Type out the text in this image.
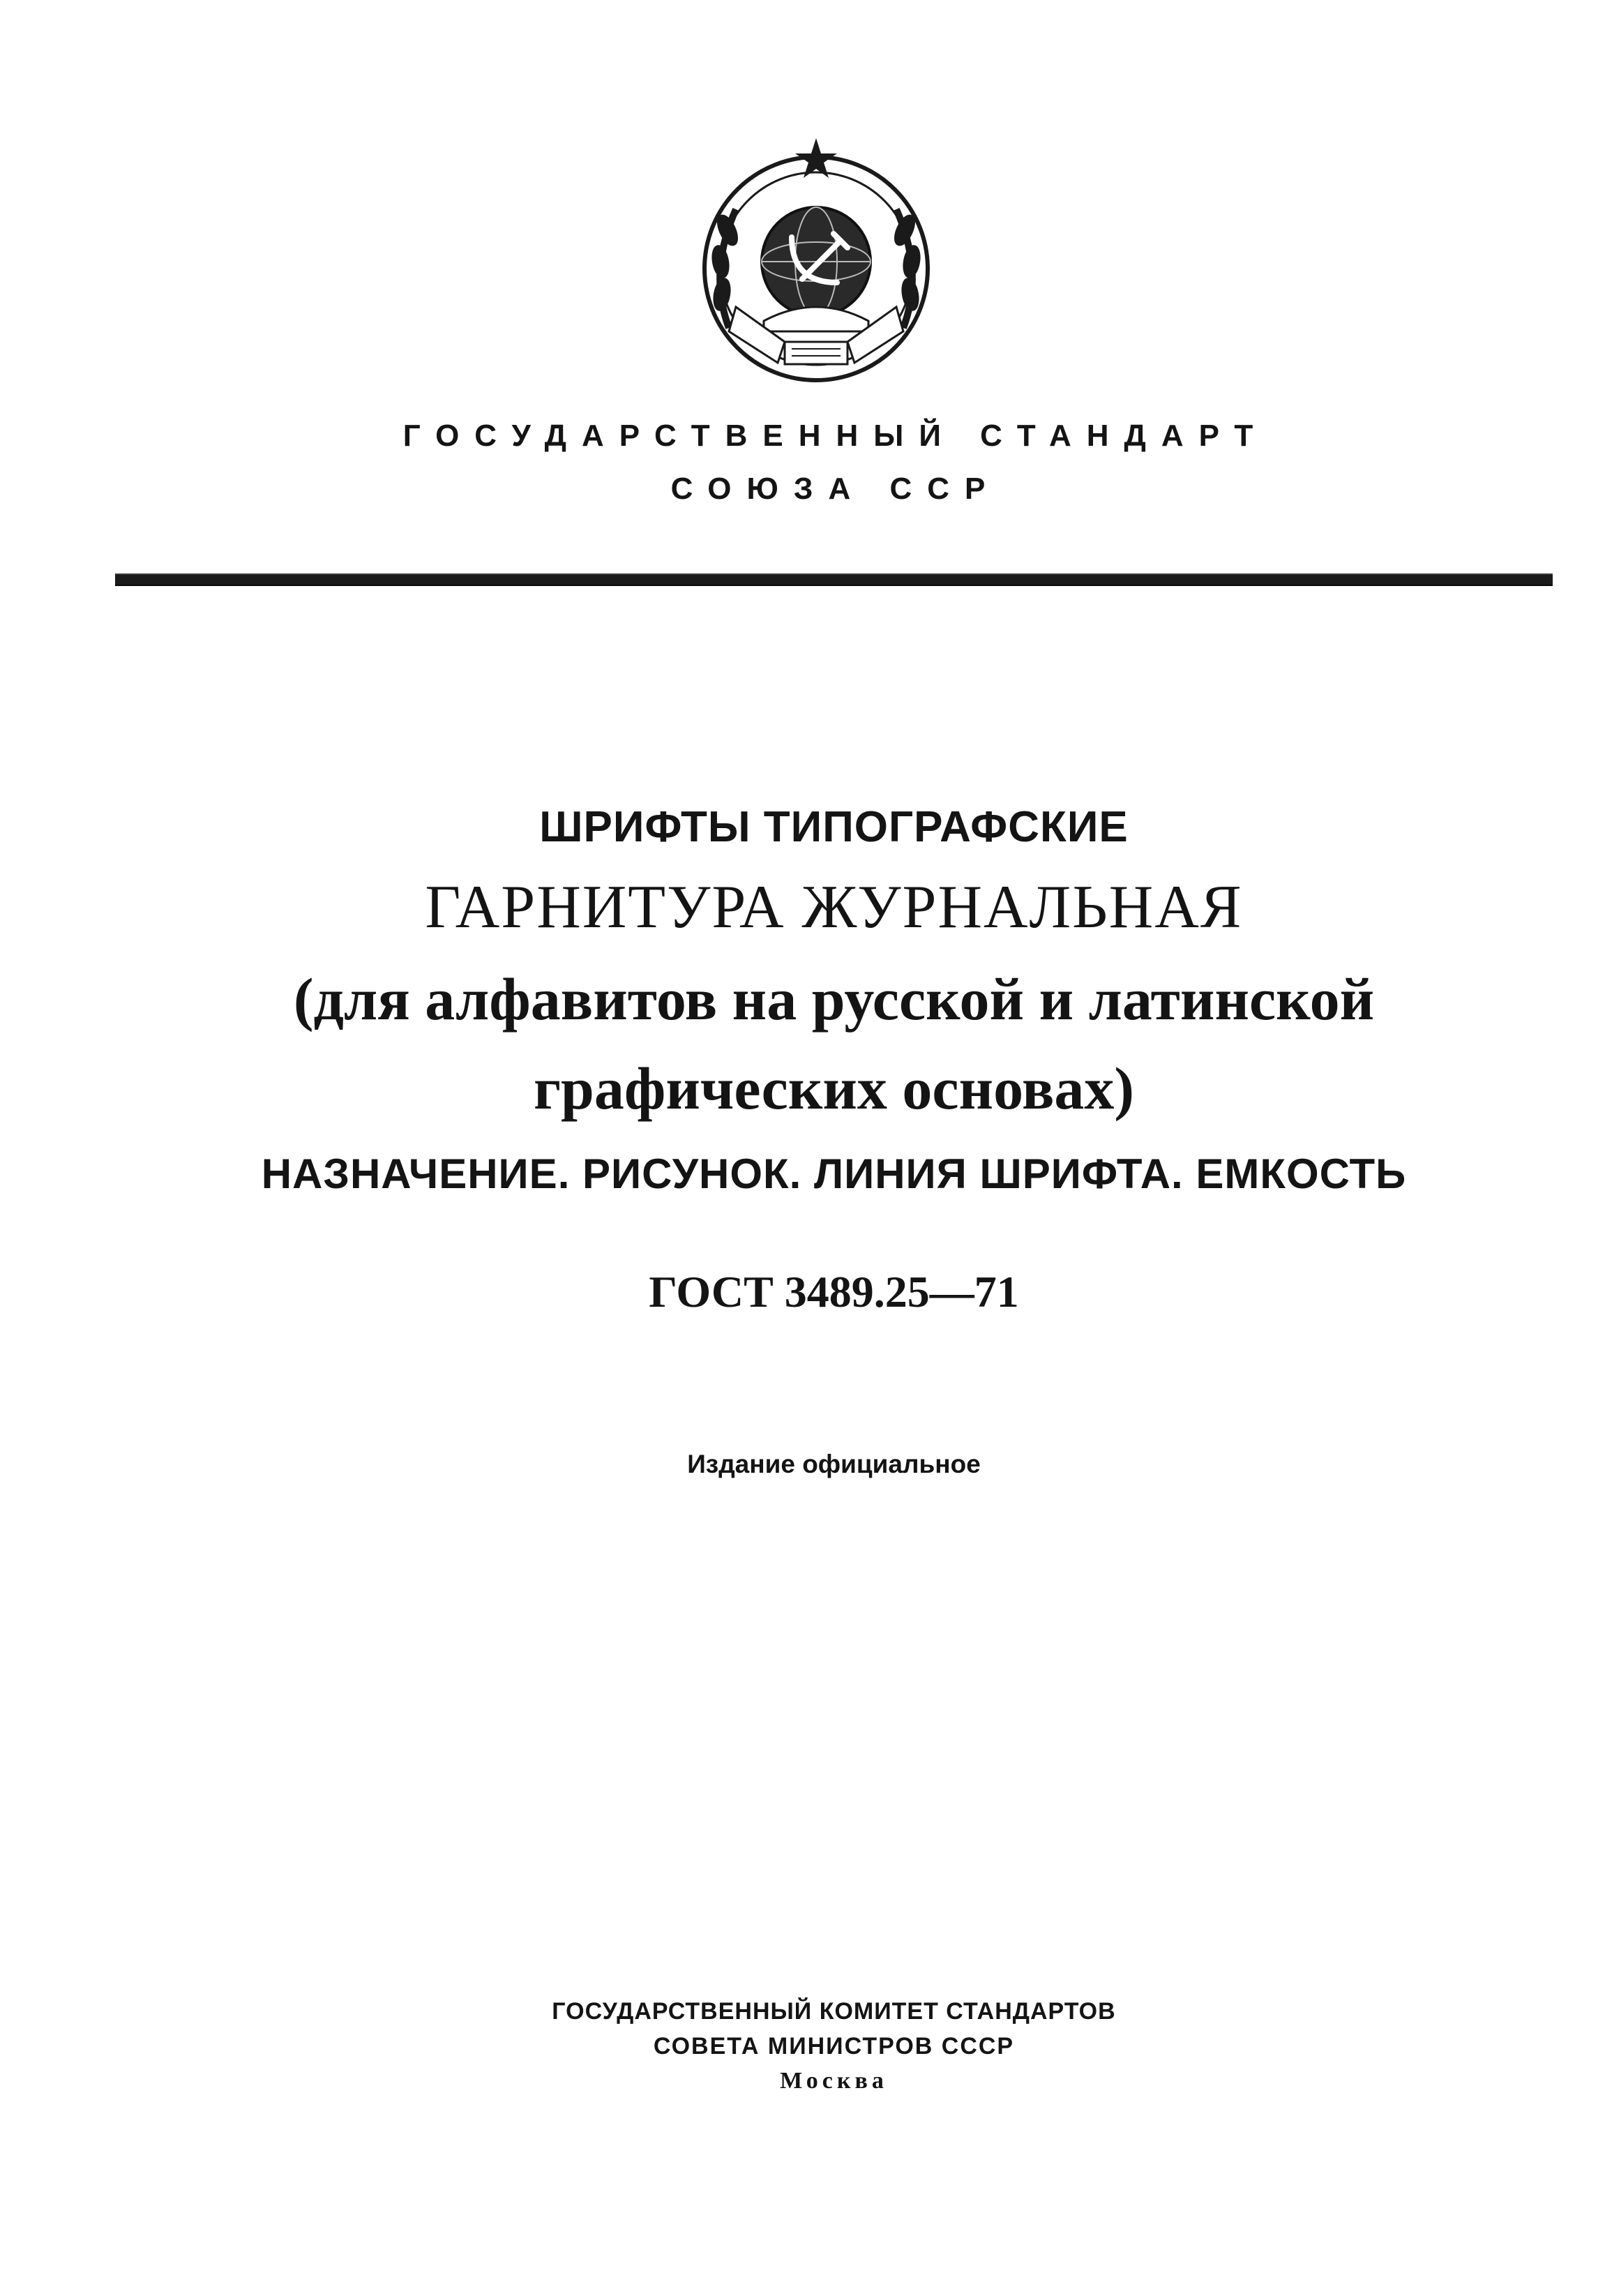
ГОСУДАРСТВЕННЫЙ СТАНДАРТ
СОЮЗА ССР
ШРИФТЫ ТИПОГРАФСКИЕ
ГАРНИТУРА ЖУРНАЛЬНАЯ
(для алфавитов на русской и латинской
графических основах)
НАЗНАЧЕНИЕ. РИСУНОК. ЛИНИЯ ШРИФТА. ЕМКОСТЬ
ГОСТ 3489.25—71
Издание официальное
ГОСУДАРСТВЕННЫЙ КОМИТЕТ СТАНДАРТОВ
СОВЕТА МИНИСТРОВ СССР
Москва
